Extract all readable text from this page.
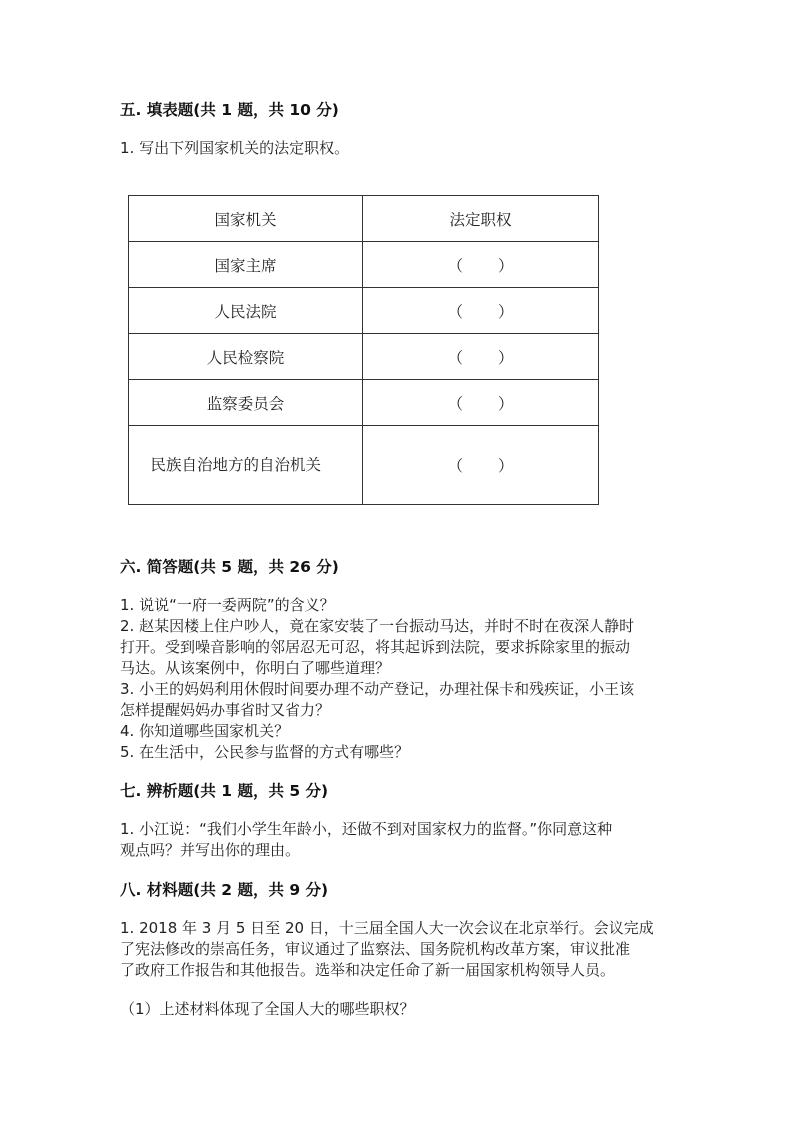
五. 填表题(共 1 题，共 10 分)
1. 写出下列国家机关的法定职权。
国家机关	法定职权
国家主席	（ ）

人民法院	（ ）

人民检察院	（ ）

监察委员会	（ ）

民族自治地方的自治机关	（ ）
六. 简答题(共 5 题，共 26 分)
1. 说说“一府一委两院”的含义？
2. 赵某因楼上住户吵人，竟在家安装了一台振动马达，并时不时在夜深人静时
打开。受到噪音影响的邻居忍无可忍，将其起诉到法院，要求拆除家里的振动
马达。从该案例中，你明白了哪些道理？
3. 小王的妈妈利用休假时间要办理不动产登记，办理社保卡和残疾证，小王该
怎样提醒妈妈办事省时又省力？
4. 你知道哪些国家机关？
5. 在生活中，公民参与监督的方式有哪些？
七. 辨析题(共 1 题，共 5 分)
1. 小江说：“我们小学生年龄小，还做不到对国家权力的监督。”你同意这种
观点吗？并写出你的理由。
八. 材料题(共 2 题，共 9 分)
1. 2018 年 3 月 5 日至 20 日，十三届全国人大一次会议在北京举行。会议完成
了宪法修改的崇高任务，审议通过了监察法、国务院机构改革方案，审议批准
了政府工作报告和其他报告。选举和决定任命了新一届国家机构领导人员。
（1）上述材料体现了全国人大的哪些职权？
